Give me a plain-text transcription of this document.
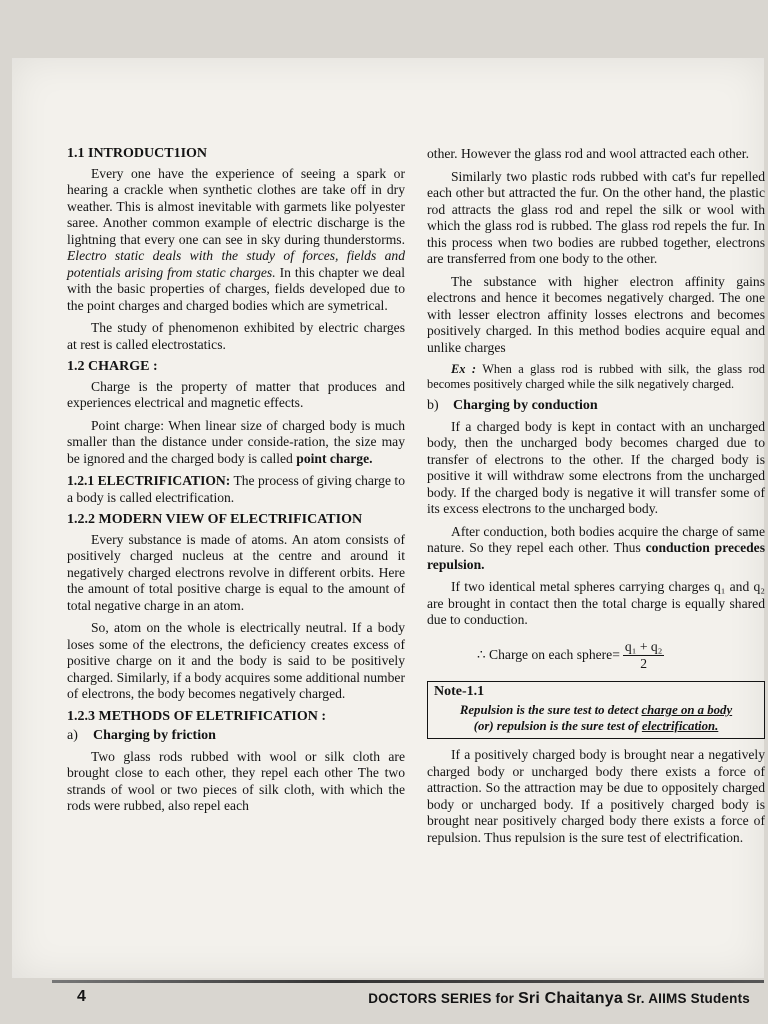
1.1 INTRODUCT1ION

Every one have the experience of seeing a spark or hearing a crackle when synthetic clothes are take off in dry weather. This is almost inevitable with garmets like polyester saree. Another common example of electric discharge is the lightning that every one can see in sky during thunderstorms. Electro static deals with the study of forces, fields and potentials arising from static charges. In this chapter we deal with the basic properties of charges, fields developed due to the point charges and charged bodies which are symetrical.

The study of phenomenon exhibited by electric charges at rest is called electrostatics.

1.2 CHARGE :

Charge is the property of matter that produces and experiences electrical and magnetic effects.

Point charge: When linear size of charged body is much smaller than the distance under conside-ration, the size may be ignored and the charged body is called point charge.

1.2.1 ELECTRIFICATION: The process of giving charge to a body is called electrification.

1.2.2 MODERN VIEW OF ELECTRIFICATION

Every substance is made of atoms. An atom consists of positively charged nucleus at the centre and around it negatively charged electrons revolve in different orbits. Here the amount of total positive charge is equal to the amount of total negative charge in an atom.

So, atom on the whole is electrically neutral. If a body loses some of the electrons, the deficiency creates excess of positive charge on it and the body is said to be positively charged. Similarly, if a body acquires some additional number of electrons, the body becomes negatively charged.

1.2.3 METHODS OF ELETRIFICATION :
a) Charging by friction

Two glass rods rubbed with wool or silk cloth are brought close to each other, they repel each other The two strands of wool or two pieces of silk cloth, with which the rods were rubbed, also repel each

other. However the glass rod and wool attracted each other.

Similarly two plastic rods rubbed with cat's fur repelled each other but attracted the fur. On the other hand, the plastic rod attracts the glass rod and repel the silk or wool with which the glass rod is rubbed. The glass rod repels the fur. In this process when two bodies are rubbed together, electrons are transferred from one body to the other.

The substance with higher electron affinity gains electrons and hence it becomes negatively charged. The one with lesser electron affinity losses electrons and becomes positively charged. In this method bodies acquire equal and unlike charges

Ex : When a glass rod is rubbed with silk, the glass rod becomes positively charged while the silk negatively charged.

b) Charging by conduction

If a charged body is kept in contact with an uncharged body, then the uncharged body becomes charged due to transfer of electrons to the other. If the charged body is positive it will withdraw some electrons from the uncharged body. If the charged body is negative it will transfer some of its excess electrons to the uncharged body.

After conduction, both bodies acquire the charge of same nature. So they repel each other. Thus conduction precedes repulsion.

If two identical metal spheres carrying charges q₁ and q₂ are brought in contact then the total charge is equally shared due to conduction.

∴ Charge on each sphere= $\frac{\text{q₁ + q₂}}{2}$
Note-1.1
Repulsion is the sure test to detect charge on a body
(or) repulsion is the sure test of electrification.

If a positively charged body is brought near a negatively charged body or uncharged body there exists a force of attraction. So the attraction may be due to oppositely charged body or uncharged body. If a positively charged body is brought near positively charged body there exists a force of repulsion. Thus repulsion is the sure test of electrification.

4	DOCTORS SERIES for Sri Chaitanya Sr. AIIMS Students
